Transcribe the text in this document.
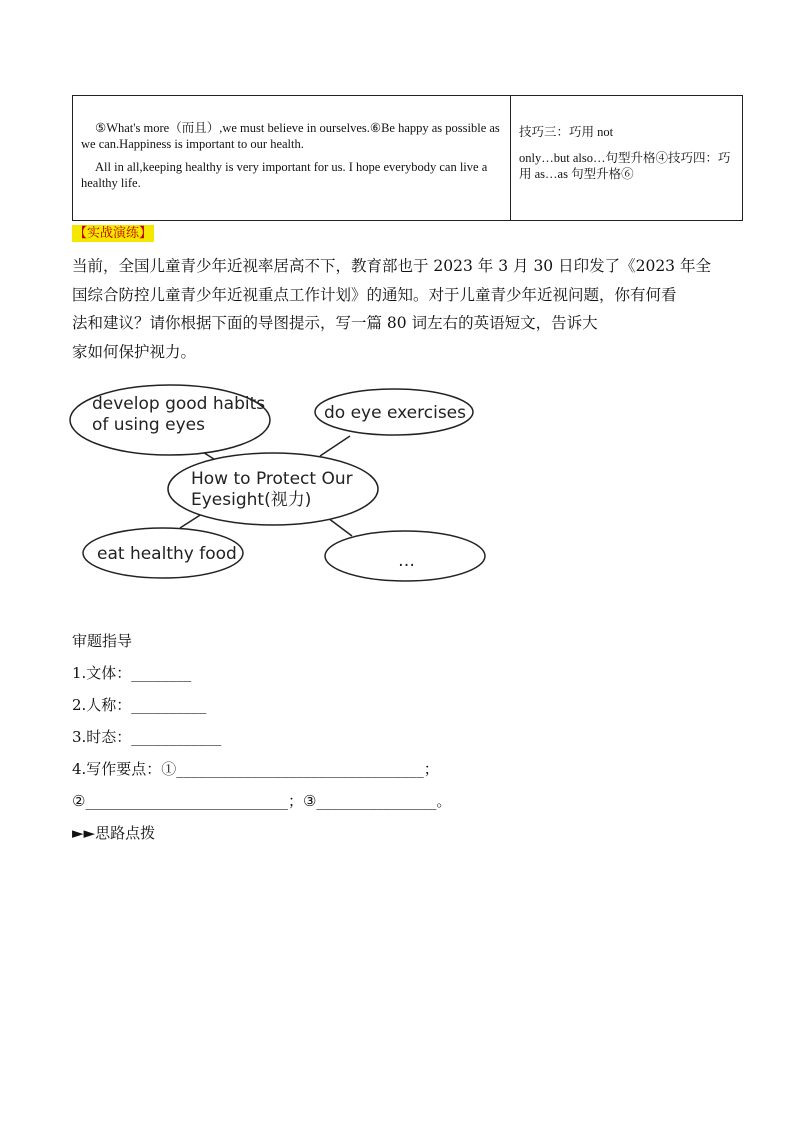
⑤What's more（而且）,we must believe in ourselves.⑥Be happy as possible as we can.Happiness is important to our health.

All in all,keeping healthy is very important for us. I hope everybody can live a healthy life.

技巧三：巧用 not

only…but also…句型升格④技巧四：巧用 as…as 句型升格⑥

【实战演练】

当前，全国儿童青少年近视率居高不下，教育部也于 2023 年 3 月 30 日印发了《2023 年全

国综合防控儿童青少年近视重点工作计划》的通知。对于儿童青少年近视问题，你有何看

法和建议？请你根据下面的导图提示，写一篇 80 词左右的英语短文，告诉大

家如何保护视力。

develop good habits
of using eyes
do eye exercises
How to Protect Our
Eyesight(视力)
eat healthy food	…
审题指导
1.文体：________
2.人称：__________
3.时态：____________
4.写作要点：①_________________________________；
②___________________________；③________________。
►►思路点拨
